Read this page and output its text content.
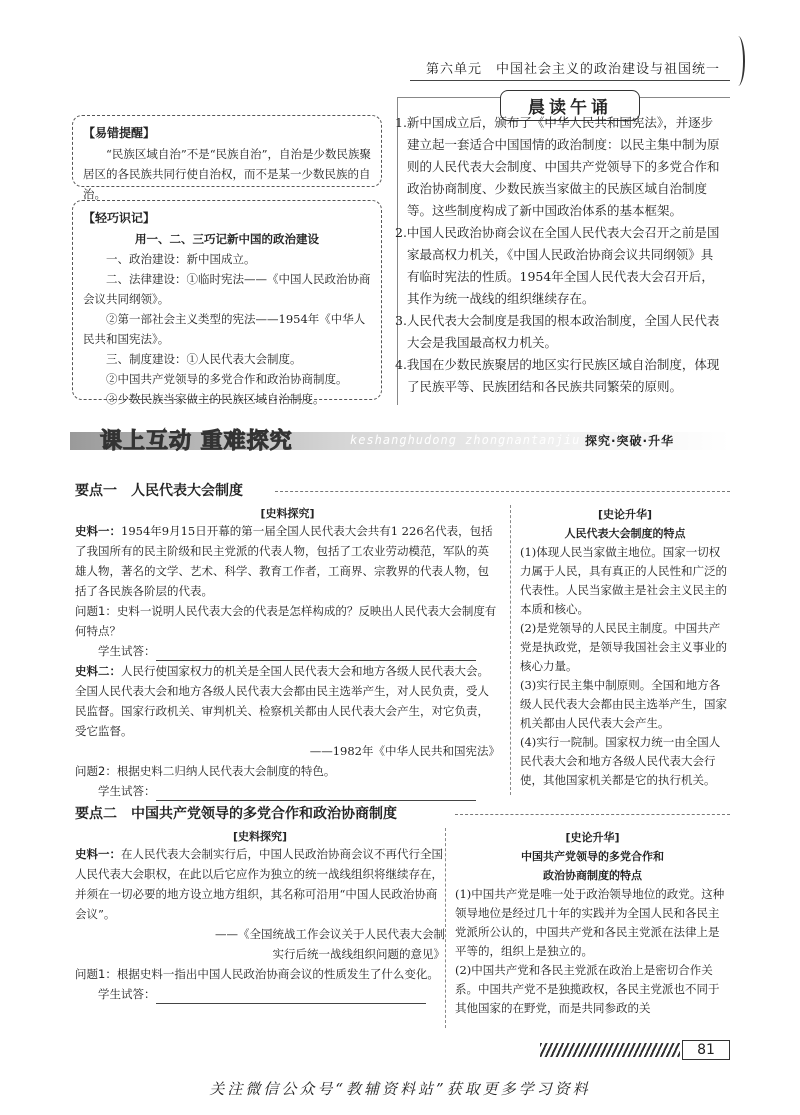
第六单元　中国社会主义的政治建设与祖国统一
【易错提醒】

“民族区域自治”不是“民族自治”，自治是少数民族聚居区的各民族共同行使自治权，而不是某一少数民族的自治。

【轻巧识记】

用一、二、三巧记新中国的政治建设

一、政治建设：新中国成立。

二、法律建设：①临时宪法——《中国人民政治协商会议共同纲领》。

②第一部社会主义类型的宪法——1954年《中华人民共和国宪法》。

三、制度建设：①人民代表大会制度。

②中国共产党领导的多党合作和政治协商制度。

③少数民族当家做主的民族区域自治制度。

晨读午诵
1.新中国成立后，颁布了《中华人民共和国宪法》，并逐步建立起一套适合中国国情的政治制度：以民主集中制为原则的人民代表大会制度、中国共产党领导下的多党合作和政治协商制度、少数民族当家做主的民族区域自治制度等。这些制度构成了新中国政治体系的基本框架。
2.中国人民政治协商会议在全国人民代表大会召开之前是国家最高权力机关，《中国人民政治协商会议共同纲领》具有临时宪法的性质。1954年全国人民代表大会召开后，其作为统一战线的组织继续存在。
3.人民代表大会制度是我国的根本政治制度，全国人民代表大会是我国最高权力机关。
4.我国在少数民族聚居的地区实行民族区域自治制度，体现了民族平等、民族团结和各民族共同繁荣的原则。
课上互动 重难探究	keshanghudong zhongnantanjiu 探究·突破·升华
要点一　人民代表大会制度
[史料探究]
史料一：1954年9月15日开幕的第一届全国人民代表大会共有1 226名代表，包括了我国所有的民主阶级和民主党派的代表人物，包括了工农业劳动模范，军队的英雄人物，著名的文学、艺术、科学、教育工作者，工商界、宗教界的代表人物，包括了各民族各阶层的代表。
问题1：史料一说明人民代表大会的代表是怎样构成的？反映出人民代表大会制度有何特点？
学生试答：
史料二：人民行使国家权力的机关是全国人民代表大会和地方各级人民代表大会。全国人民代表大会和地方各级人民代表大会都由民主选举产生，对人民负责，受人民监督。国家行政机关、审判机关、检察机关都由人民代表大会产生，对它负责，受它监督。
——1982年《中华人民共和国宪法》
问题2：根据史料二归纳人民代表大会制度的特色。
学生试答：
[史论升华]
人民代表大会制度的特点
(1)体现人民当家做主地位。国家一切权力属于人民，具有真正的人民性和广泛的代表性。人民当家做主是社会主义民主的本质和核心。
(2)是党领导的人民民主制度。中国共产党是执政党，是领导我国社会主义事业的核心力量。
(3)实行民主集中制原则。全国和地方各级人民代表大会都由民主选举产生，国家机关都由人民代表大会产生。
(4)实行一院制。国家权力统一由全国人民代表大会和地方各级人民代表大会行使，其他国家机关都是它的执行机关。
要点二　中国共产党领导的多党合作和政治协商制度
[史料探究]
史料一：在人民代表大会制实行后，中国人民政治协商会议不再代行全国人民代表大会职权，在此以后它应作为独立的统一战线组织将继续存在，并须在一切必要的地方设立地方组织，其名称可沿用“中国人民政治协商会议”。
——《全国统战工作会议关于人民代表大会制
实行后统一战线组织问题的意见》
问题1：根据史料一指出中国人民政治协商会议的性质发生了什么变化。
学生试答：
[史论升华]
中国共产党领导的多党合作和
政治协商制度的特点
(1)中国共产党是唯一处于政治领导地位的政党。这种领导地位是经过几十年的实践并为全国人民和各民主党派所公认的，中国共产党和各民主党派在法律上是平等的，组织上是独立的。
(2)中国共产党和各民主党派在政治上是密切合作关系。中国共产党不是独揽政权，各民主党派也不同于其他国家的在野党，而是共同参政的关
81
关注微信公众号“教辅资料站”获取更多学习资料
